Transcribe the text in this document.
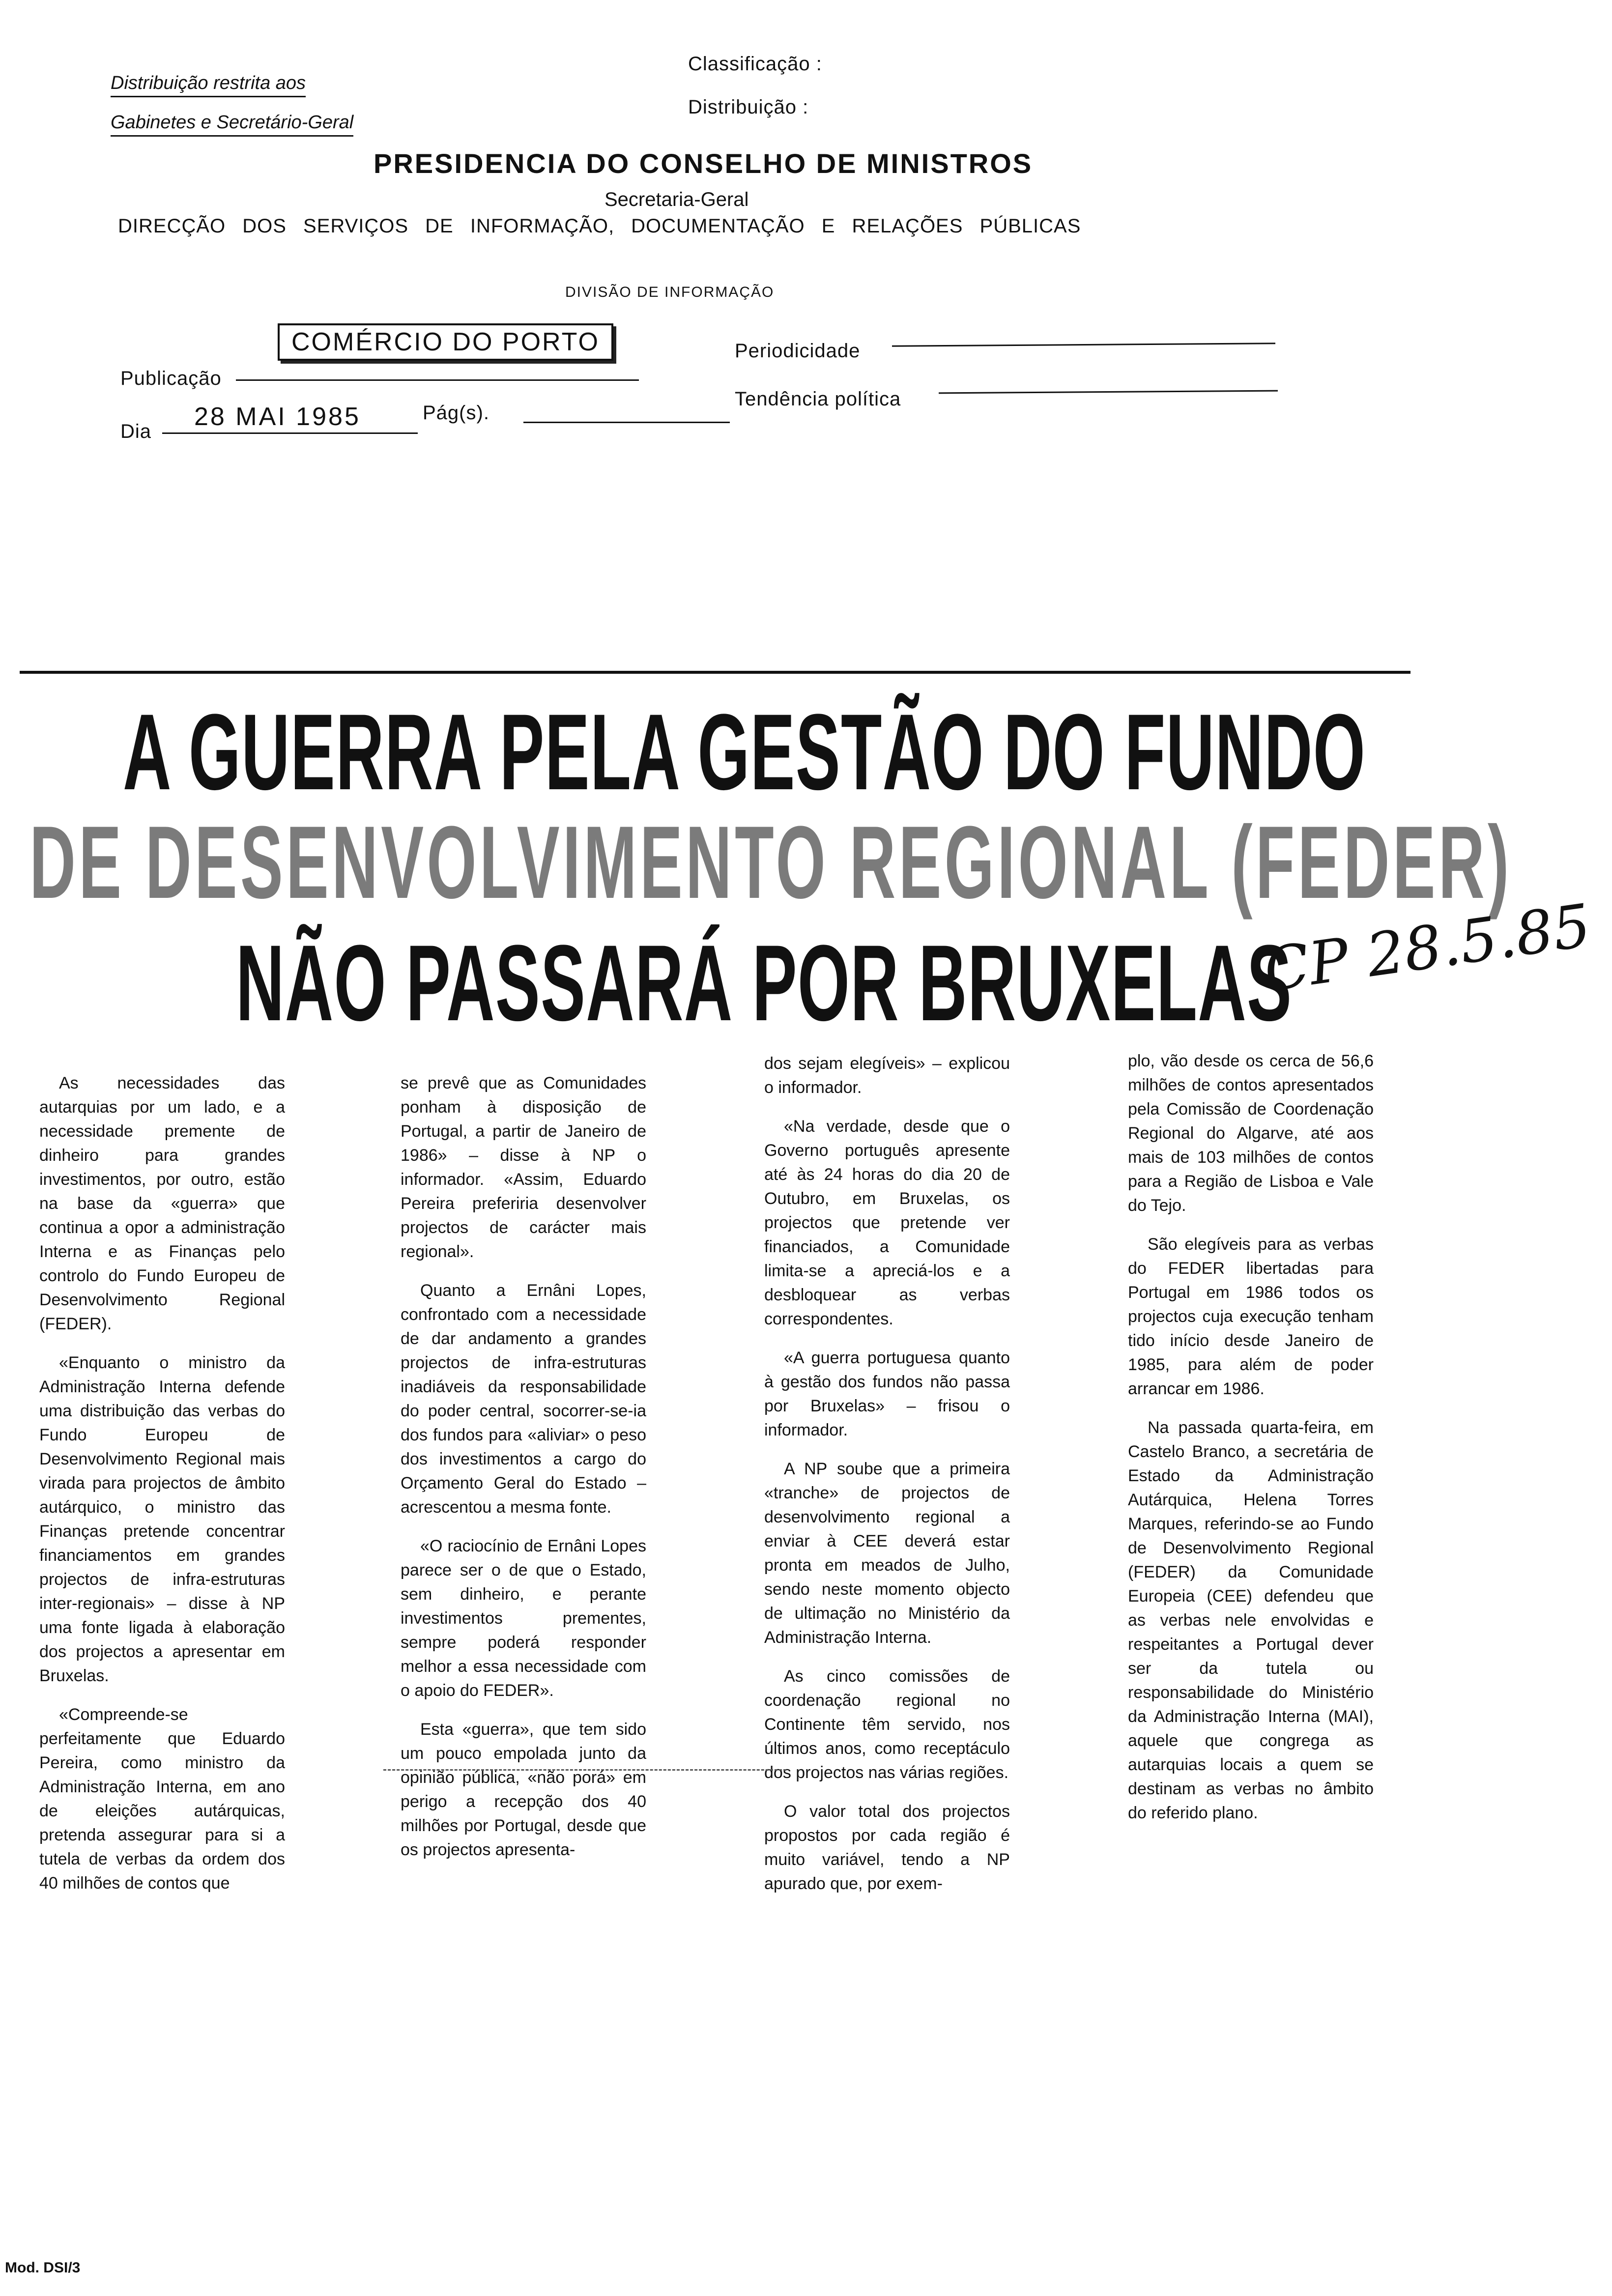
Distribuição restrita aos
Gabinetes e Secretário-Geral
Classificação :
Distribuição :
PRESIDENCIA DO CONSELHO DE MINISTROS
Secretaria-Geral
DIRECÇÃO DOS SERVIÇOS DE INFORMAÇÃO, DOCUMENTAÇÃO E RELAÇÕES PÚBLICAS
DIVISÃO DE INFORMAÇÃO
Publicação
COMÉRCIO DO PORTO	Periodicidade
Dia
28 MAI 1985	Pág(s).
Tendência política
A GUERRA PELA GESTÃO DO FUNDO
DE DESENVOLVIMENTO REGIONAL (FEDER)
NÃO PASSARÁ POR BRUXELAS
CP 28.5.85

As necessidades das autarquias por um lado, e a necessidade premente de dinheiro para grandes investimentos, por outro, estão na base da «guerra» que continua a opor a administração Interna e as Finanças pelo controlo do Fundo Europeu de Desenvolvimento Regional (FEDER).

«Enquanto o ministro da Administração Interna defende uma distribuição das verbas do Fundo Europeu de Desenvolvimento Regional mais virada para projectos de âmbito autárquico, o ministro das Finanças pretende concentrar financiamentos em grandes projectos de infra-estruturas inter-regionais» – disse à NP uma fonte ligada à elaboração dos projectos a apresentar em Bruxelas.

«Compreende-se perfeitamente que Eduardo Pereira, como ministro da Administração Interna, em ano de eleições autárquicas, pretenda assegurar para si a tutela de verbas da ordem dos 40 milhões de contos que

se prevê que as Comunidades ponham à disposição de Portugal, a partir de Janeiro de 1986» – disse à NP o informador. «Assim, Eduardo Pereira preferiria desenvolver projectos de carácter mais regional».

Quanto a Ernâni Lopes, confrontado com a necessidade de dar andamento a grandes projectos de infra-estruturas inadiáveis da responsabilidade do poder central, socorrer-se-ia dos fundos para «aliviar» o peso dos investimentos a cargo do Orçamento Geral do Estado – acrescentou a mesma fonte.

«O raciocínio de Ernâni Lopes parece ser o de que o Estado, sem dinheiro, e perante investimentos prementes, sempre poderá responder melhor a essa necessidade com o apoio do FEDER».

Esta «guerra», que tem sido um pouco empolada junto da opinião pública, «não porá» em perigo a recepção dos 40 milhões por Portugal, desde que os projectos apresenta-

dos sejam elegíveis» – explicou o informador.

«Na verdade, desde que o Governo português apresente até às 24 horas do dia 20 de Outubro, em Bruxelas, os projectos que pretende ver financiados, a Comunidade limita-se a apreciá-los e a desbloquear as verbas correspondentes.

«A guerra portuguesa quanto à gestão dos fundos não passa por Bruxelas» – frisou o informador.

A NP soube que a primeira «tranche» de projectos de desenvolvimento regional a enviar à CEE deverá estar pronta em meados de Julho, sendo neste momento objecto de ultimação no Ministério da Administração Interna.

As cinco comissões de coordenação regional no Continente têm servido, nos últimos anos, como receptáculo dos projectos nas várias regiões.

O valor total dos projectos propostos por cada região é muito variável, tendo a NP apurado que, por exem-

plo, vão desde os cerca de 56,6 milhões de contos apresentados pela Comissão de Coordenação Regional do Algarve, até aos mais de 103 milhões de contos para a Região de Lisboa e Vale do Tejo.

São elegíveis para as verbas do FEDER libertadas para Portugal em 1986 todos os projectos cuja execução tenham tido início desde Janeiro de 1985, para além de poder arrancar em 1986.

Na passada quarta-feira, em Castelo Branco, a secretária de Estado da Administração Autárquica, Helena Torres Marques, referindo-se ao Fundo de Desenvolvimento Regional (FEDER) da Comunidade Europeia (CEE) defendeu que as verbas nele envolvidas e respeitantes a Portugal dever ser da tutela ou responsabilidade do Ministério da Administração Interna (MAI), aquele que congrega as autarquias locais a quem se destinam as verbas no âmbito do referido plano.

Mod. DSI/3
